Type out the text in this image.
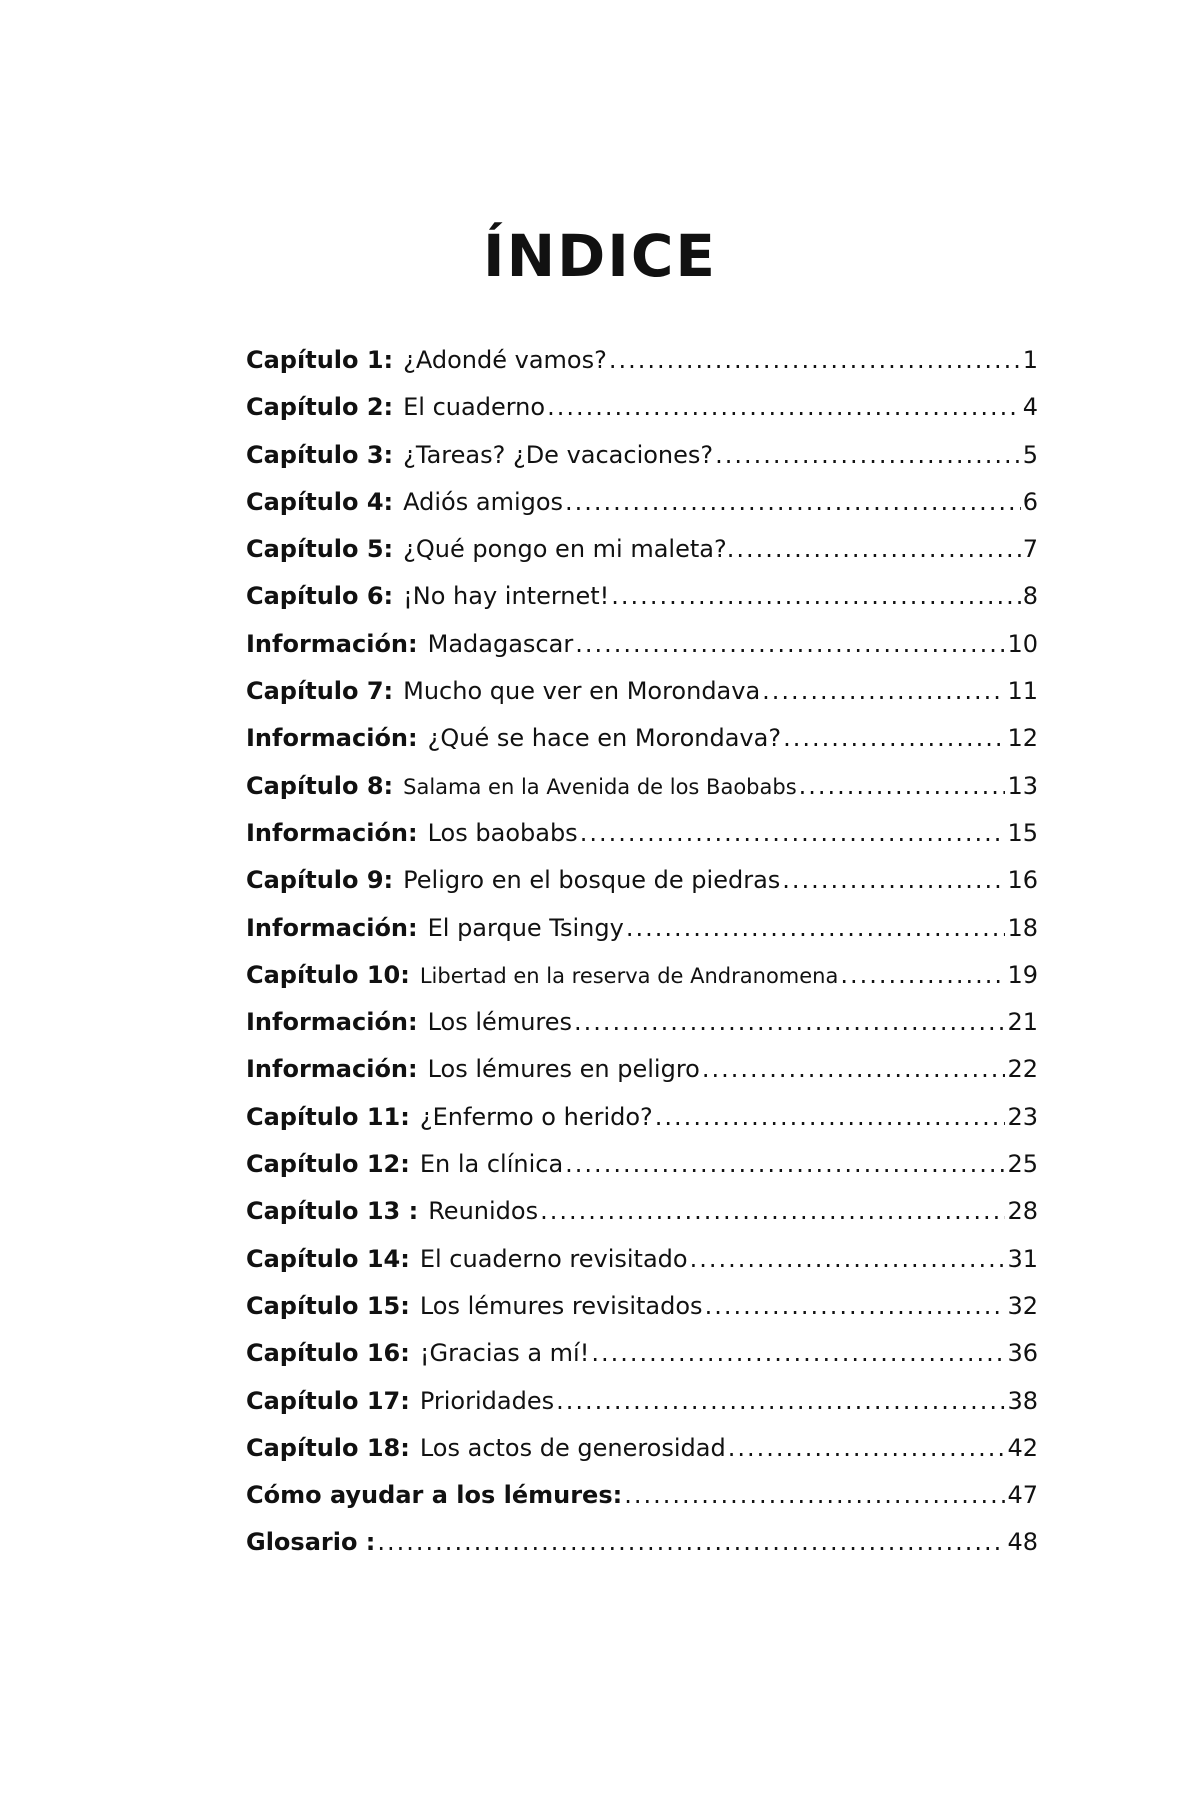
ÍNDICE
Capítulo 1: ¿Adondé vamos? .....	1
Capítulo 2: El cuaderno .....	4
Capítulo 3: ¿Tareas? ¿De vacaciones? .....	5
Capítulo 4: Adiós amigos .....	6
Capítulo 5: ¿Qué pongo en mi maleta?. .....	7
Capítulo 6: ¡No hay internet! .....	8
Información: Madagascar .....	10
Capítulo 7: Mucho que ver en Morondava .....	11
Información: ¿Qué se hace en Morondava? .....	12
Capítulo 8: Salama en la Avenida de los Baobabs .....	13
Información: Los baobabs .....	15
Capítulo 9: Peligro en el bosque de piedras .....	16
Información: El parque Tsingy .....	18
Capítulo 10: Libertad en la reserva de Andranomena .....	19
Información: Los lémures .....	21
Información: Los lémures en peligro .....	22
Capítulo 11: ¿Enfermo o herido? .....	23
Capítulo 12: En la clínica .....	25
Capítulo 13 : Reunidos .....	28
Capítulo 14: El cuaderno revisitado .....	31
Capítulo 15: Los lémures revisitados .....	32
Capítulo 16: ¡Gracias a mí! .....	36
Capítulo 17: Prioridades .....	38
Capítulo 18: Los actos de generosidad .....	42
Cómo ayudar a los lémures: .....	47
Glosario : .....	48
